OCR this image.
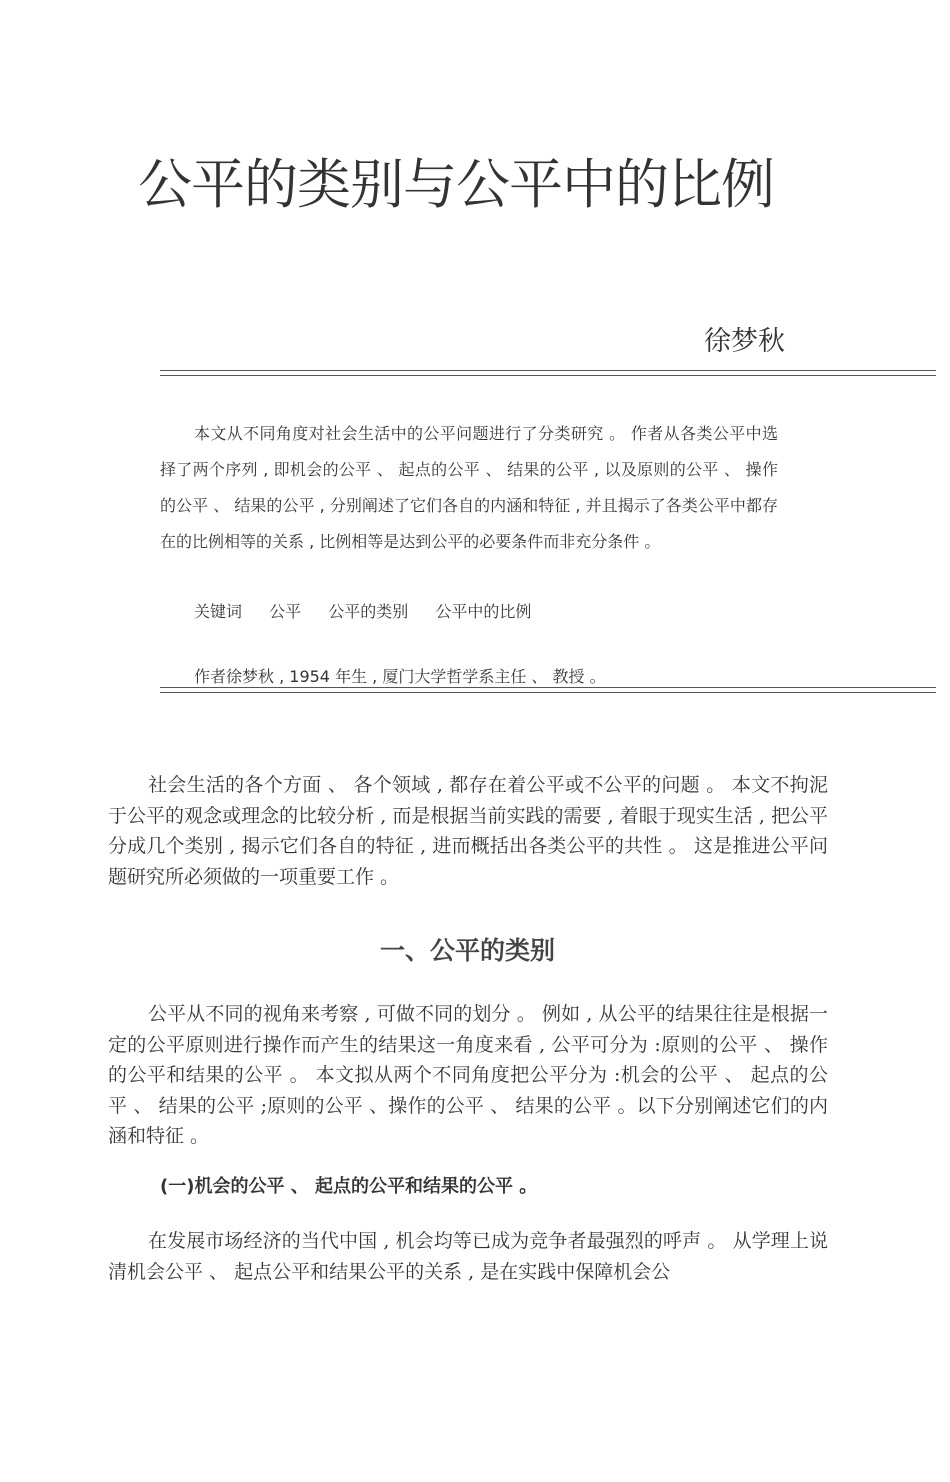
公平的类别与公平中的比例
徐梦秋

本文从不同角度对社会生活中的公平问题进行了分类研究 。 作者从各类公平中选择了两个序列 , 即机会的公平 、 起点的公平 、 结果的公平 , 以及原则的公平 、 操作的公平 、 结果的公平 , 分别阐述了它们各自的内涵和特征 , 并且揭示了各类公平中都存在的比例相等的关系 , 比例相等是达到公平的必要条件而非充分条件 。

关键词 公平 公平的类别 公平中的比例
作者徐梦秋 , 1954 年生 , 厦门大学哲学系主任 、 教授 。

社会生活的各个方面 、 各个领域 , 都存在着公平或不公平的问题 。 本文不拘泥于公平的观念或理念的比较分析 , 而是根据当前实践的需要 , 着眼于现实生活 , 把公平分成几个类别 , 揭示它们各自的特征 , 进而概括出各类公平的共性 。 这是推进公平问题研究所必须做的一项重要工作 。

一、公平的类别

公平从不同的视角来考察 , 可做不同的划分 。 例如 , 从公平的结果往往是根据一定的公平原则进行操作而产生的结果这一角度来看 , 公平可分为 :原则的公平 、 操作的公平和结果的公平 。 本文拟从两个不同角度把公平分为 :机会的公平 、 起点的公平 、 结果的公平 ;原则的公平 、操作的公平 、 结果的公平 。以下分别阐述它们的内涵和特征 。

(一)机会的公平 、 起点的公平和结果的公平 。

在发展市场经济的当代中国 , 机会均等已成为竞争者最强烈的呼声 。 从学理上说清机会公平 、 起点公平和结果公平的关系 , 是在实践中保障机会公
